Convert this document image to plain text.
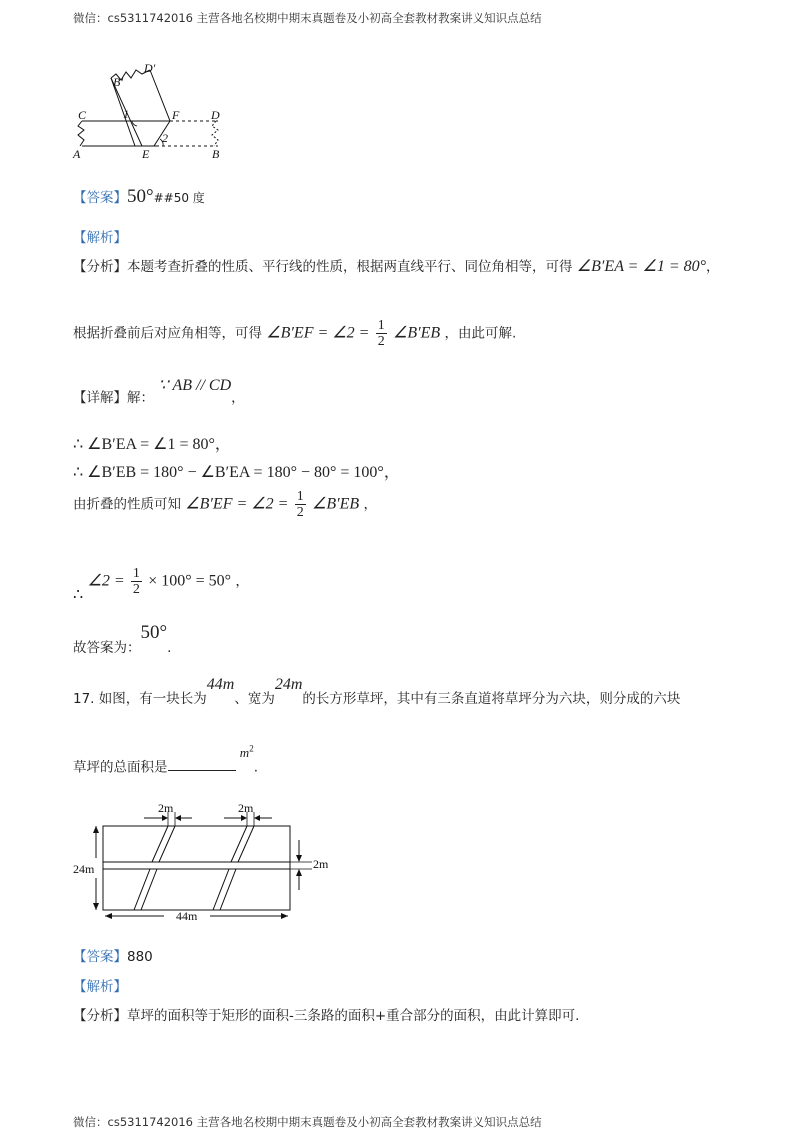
微信：cs5311742016 主营各地名校期中期末真题卷及小初高全套教材教案讲义知识点总结
C	1	F	D
A	E	B
2
B'
D'
【答案】50°##50 度
【解析】
【分析】本题考查折叠的性质、平行线的性质，根据两直线平行、同位角相等，可得 ∠B′EA = ∠1 = 80°，
根据折叠前后对应角相等，可得 ∠B′EF = ∠2 = $\frac{1}{2}$ ∠B′EB ，由此可解.
【详解】解： ∵ AB // CD，
∴ ∠B′EA = ∠1 = 80°，
∴ ∠B′EB = 180° − ∠B′EA = 180° − 80° = 100°，
由折叠的性质可知 ∠B′EF = ∠2 = $\frac{1}{2}$ ∠B′EB ，
∴ ∠2 = $\frac{1}{2} \times 100^\circ = 50^\circ$ ，
故答案为：50°.
17. 如图，有一块长为44m、宽为24m的长方形草坪，其中有三条直道将草坪分为六块，则分成的六块
草坪的总面积是 $m^2$.
2m	2m
24m	2m
44m
【答案】880
【解析】
【分析】草坪的面积等于矩形的面积-三条路的面积+重合部分的面积，由此计算即可.
微信：cs5311742016 主营各地名校期中期末真题卷及小初高全套教材教案讲义知识点总结
